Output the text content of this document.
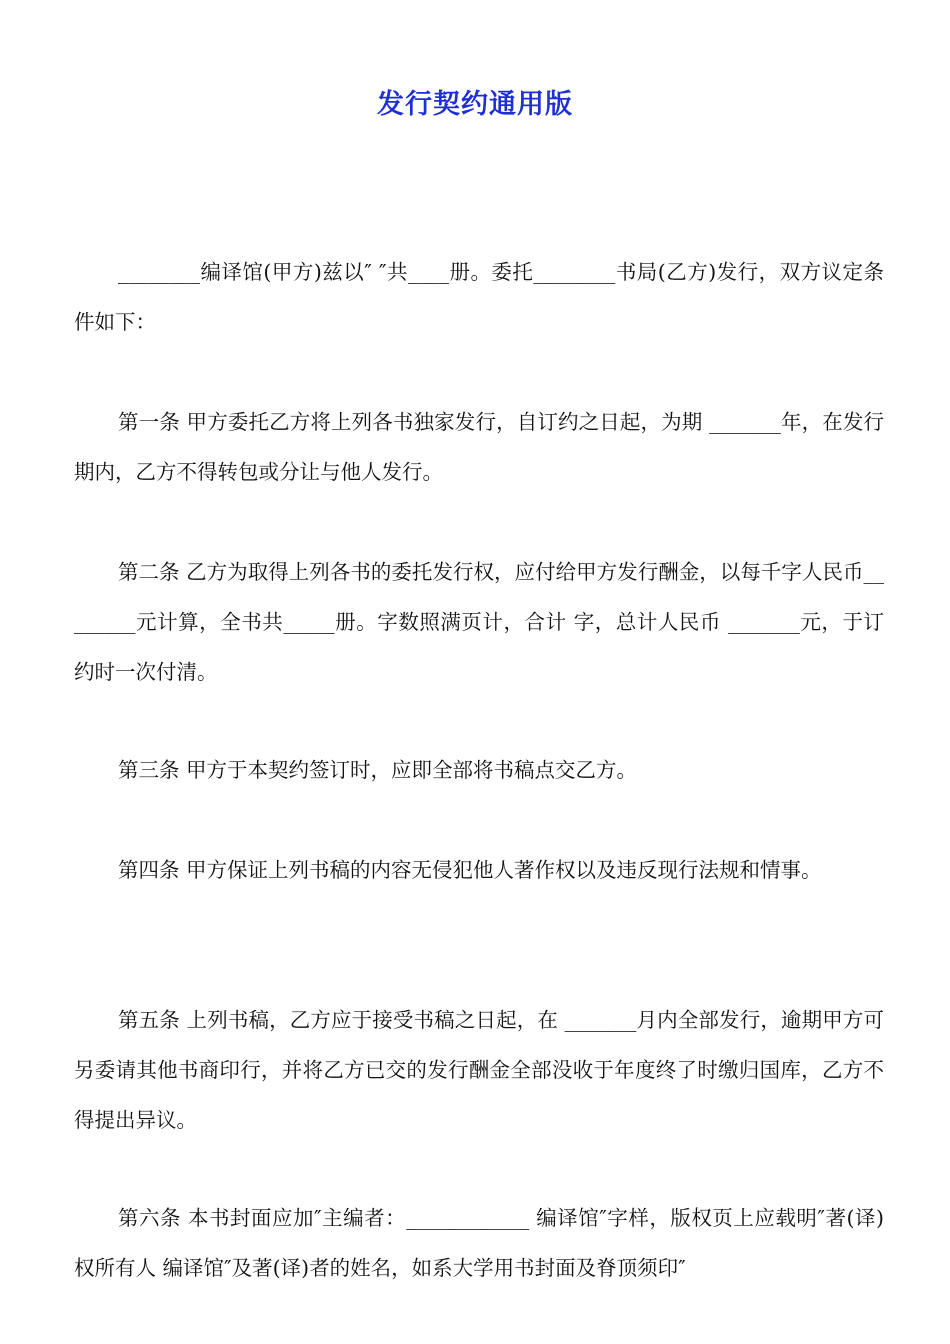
发行契约通用版

________编译馆(甲方)兹以″ ″共____册。委托________书局(乙方)发行，双方议定条件如下：

第一条 甲方委托乙方将上列各书独家发行，自订约之日起，为期 _______年，在发行期内，乙方不得转包或分让与他人发行。

第二条 乙方为取得上列各书的委托发行权，应付给甲方发行酬金，以每千字人民币________元计算，全书共_____册。字数照满页计，合计 字，总计人民币 _______元，于订约时一次付清。

第三条 甲方于本契约签订时，应即全部将书稿点交乙方。

第四条 甲方保证上列书稿的内容无侵犯他人著作权以及违反现行法规和情事。

第五条 上列书稿，乙方应于接受书稿之日起，在 _______月内全部发行，逾期甲方可另委请其他书商印行，并将乙方已交的发行酬金全部没收于年度终了时缴归国库，乙方不得提出异议。

第六条 本书封面应加″主编者：____________ 编译馆″字样，版权页上应载明″著(译)权所有人 编译馆″及著(译)者的姓名，如系大学用书封面及脊顶须印″
